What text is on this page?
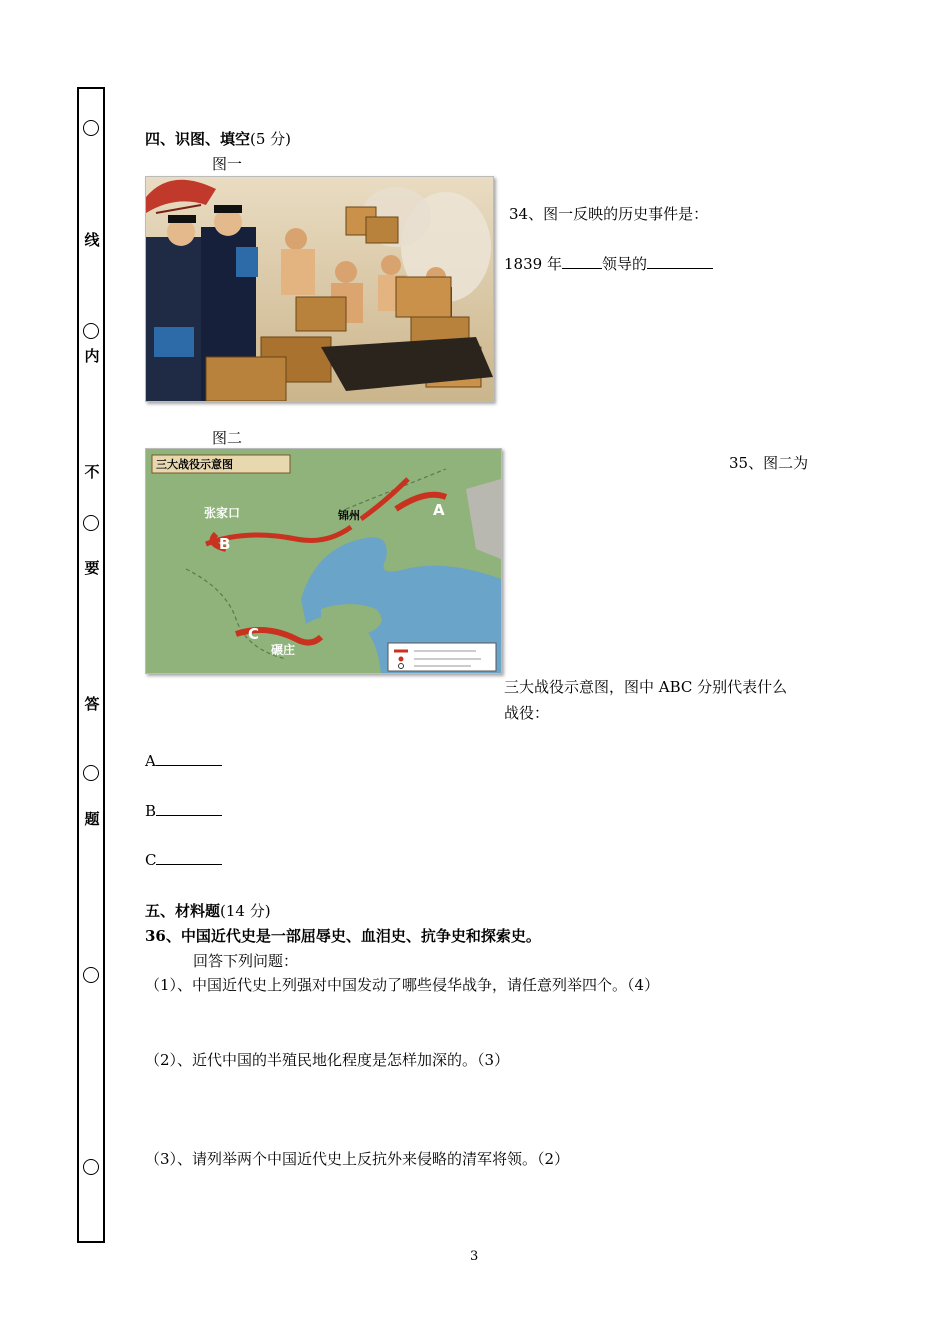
线
内
不
要
答
题
四、识图、填空(5 分)
图一
34、图一反映的历史事件是：
1839 年	领导的
图二
三大战役示意图
张家口	锦州
碾庄
A
B
C
35、图二为
三大战役示意图，图中 ABC 分别代表什么
战役：
A
B
C
五、材料题(14 分)
36、中国近代史是一部屈辱史、血泪史、抗争史和探索史。
回答下列问题：
（1）、中国近代史上列强对中国发动了哪些侵华战争，请任意列举四个。（4）
（2）、近代中国的半殖民地化程度是怎样加深的。（3）
（3）、请列举两个中国近代史上反抗外来侵略的清军将领。（2）
3
